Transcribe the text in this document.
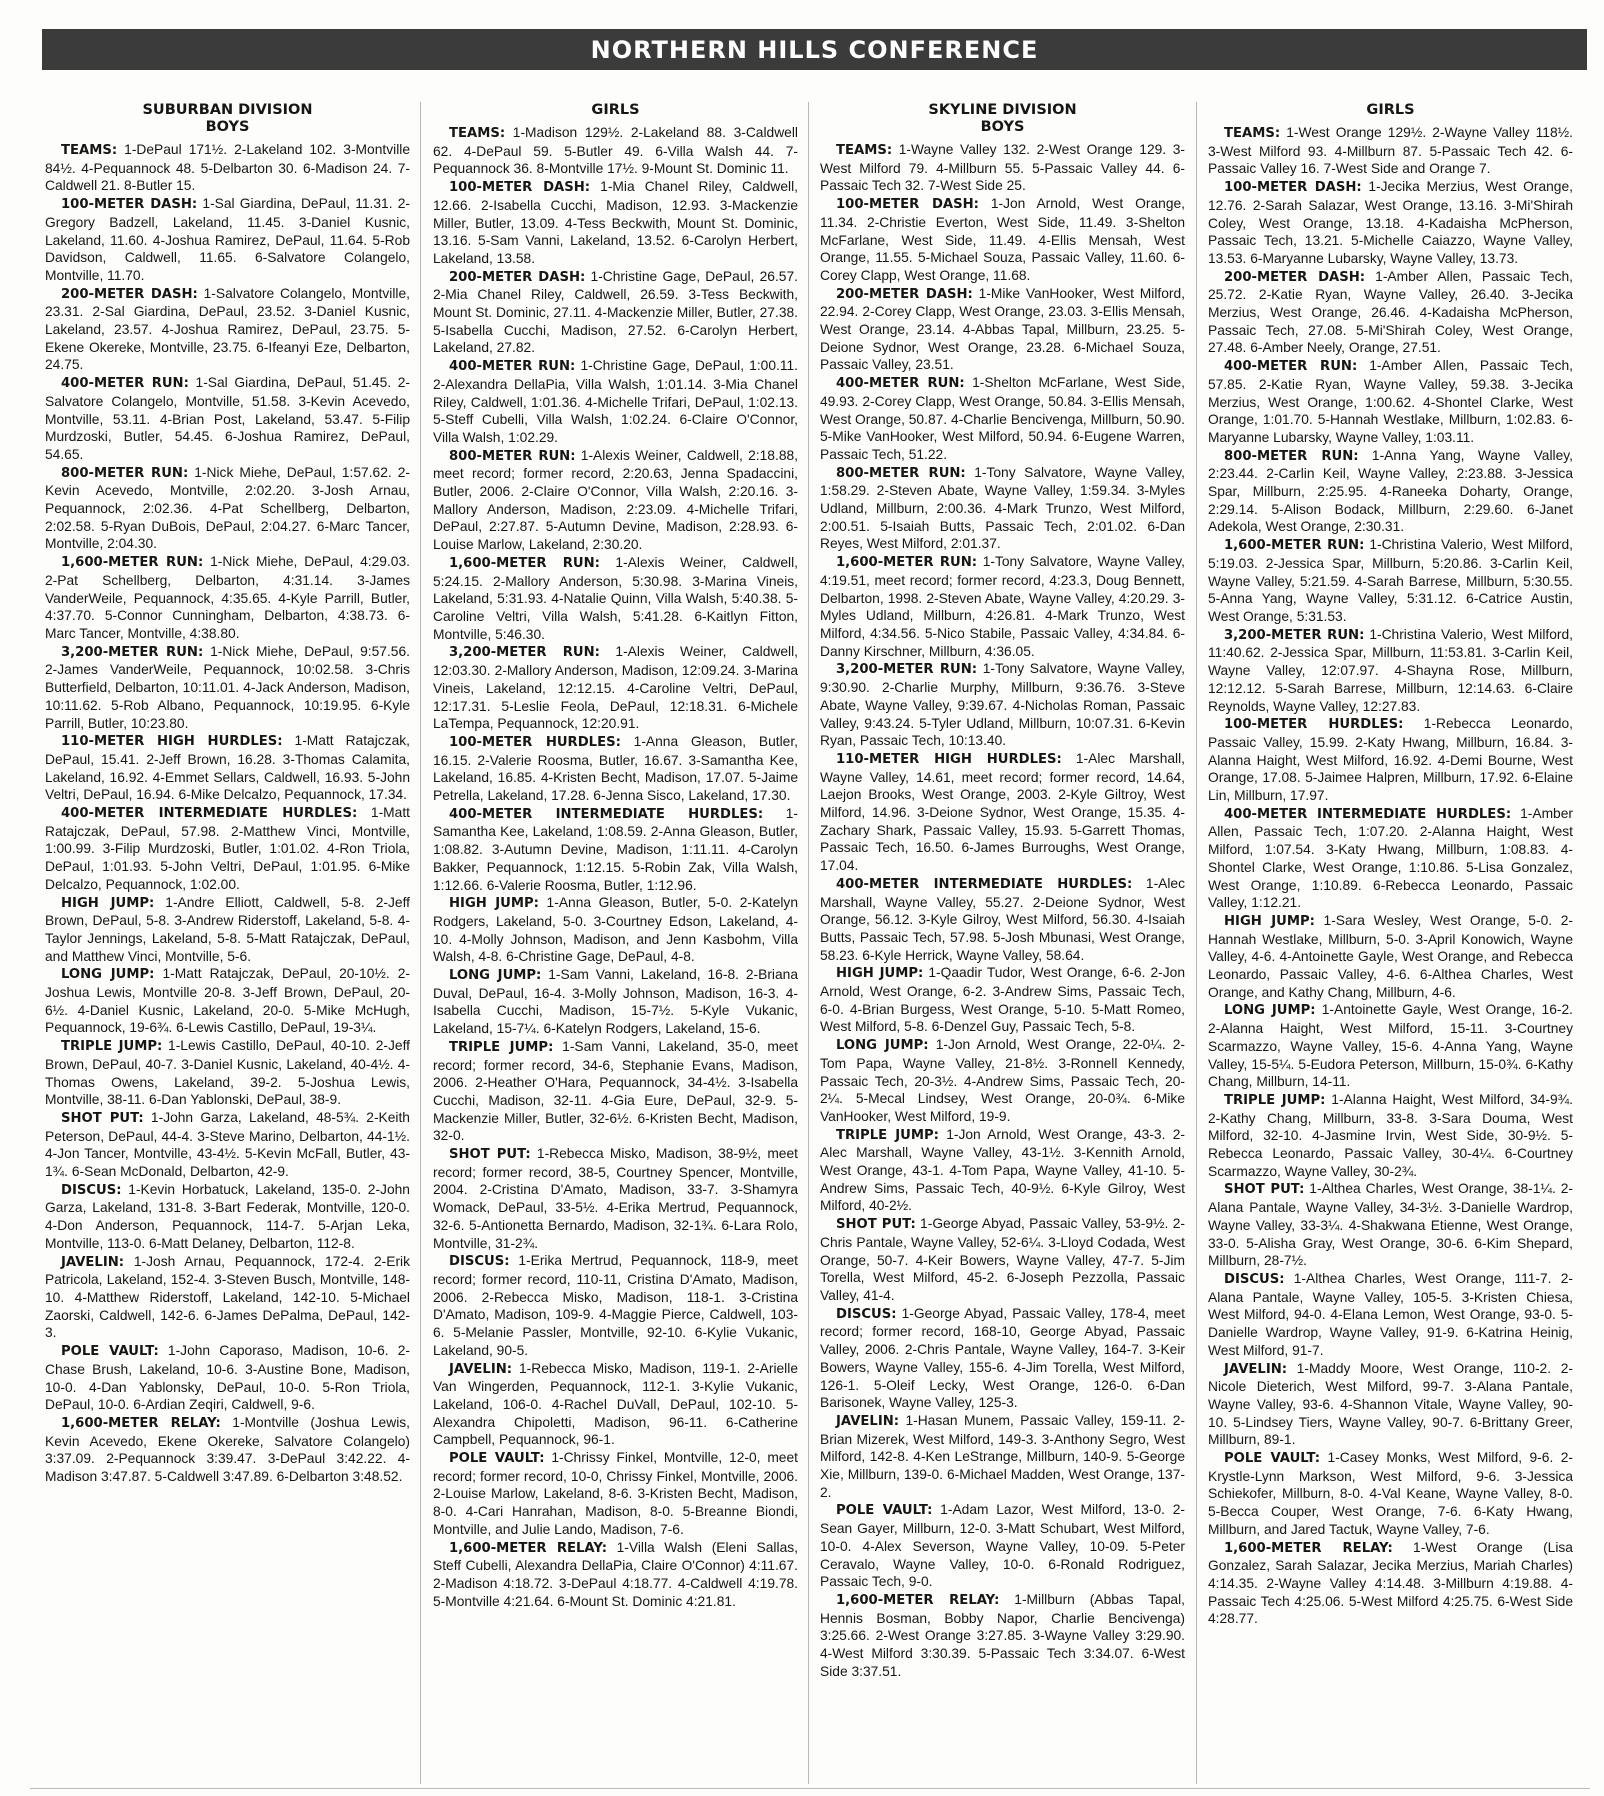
NORTHERN HILLS CONFERENCE
SUBURBAN DIVISION
BOYS

TEAMS: 1-DePaul 171½. 2-Lakeland 102. 3-Montville 84½. 4-Pequannock 48. 5-Delbarton 30. 6-Madison 24. 7-Caldwell 21. 8-Butler 15.

100-METER DASH: 1-Sal Giardina, DePaul, 11.31. 2-Gregory Badzell, Lakeland, 11.45. 3-Daniel Kusnic, Lakeland, 11.60. 4-Joshua Ramirez, DePaul, 11.64. 5-Rob Davidson, Caldwell, 11.65. 6-Salvatore Colangelo, Montville, 11.70.

200-METER DASH: 1-Salvatore Colangelo, Montville, 23.31. 2-Sal Giardina, DePaul, 23.52. 3-Daniel Kusnic, Lakeland, 23.57. 4-Joshua Ramirez, DePaul, 23.75. 5-Ekene Okereke, Montville, 23.75. 6-Ifeanyi Eze, Delbarton, 24.75.

400-METER RUN: 1-Sal Giardina, DePaul, 51.45. 2-Salvatore Colangelo, Montville, 51.58. 3-Kevin Acevedo, Montville, 53.11. 4-Brian Post, Lakeland, 53.47. 5-Filip Murdzoski, Butler, 54.45. 6-Joshua Ramirez, DePaul, 54.65.

800-METER RUN: 1-Nick Miehe, DePaul, 1:57.62. 2-Kevin Acevedo, Montville, 2:02.20. 3-Josh Arnau, Pequannock, 2:02.36. 4-Pat Schellberg, Delbarton, 2:02.58. 5-Ryan DuBois, DePaul, 2:04.27. 6-Marc Tancer, Montville, 2:04.30.

1,600-METER RUN: 1-Nick Miehe, DePaul, 4:29.03. 2-Pat Schellberg, Delbarton, 4:31.14. 3-James VanderWeile, Pequannock, 4:35.65. 4-Kyle Parrill, Butler, 4:37.70. 5-Connor Cunningham, Delbarton, 4:38.73. 6-Marc Tancer, Montville, 4:38.80.

3,200-METER RUN: 1-Nick Miehe, DePaul, 9:57.56. 2-James VanderWeile, Pequannock, 10:02.58. 3-Chris Butterfield, Delbarton, 10:11.01. 4-Jack Anderson, Madison, 10:11.62. 5-Rob Albano, Pequannock, 10:19.95. 6-Kyle Parrill, Butler, 10:23.80.

110-METER HIGH HURDLES: 1-Matt Ratajczak, DePaul, 15.41. 2-Jeff Brown, 16.28. 3-Thomas Calamita, Lakeland, 16.92. 4-Emmet Sellars, Caldwell, 16.93. 5-John Veltri, DePaul, 16.94. 6-Mike Delcalzo, Pequannock, 17.34.

400-METER INTERMEDIATE HURDLES: 1-Matt Ratajczak, DePaul, 57.98. 2-Matthew Vinci, Montville, 1:00.99. 3-Filip Murdzoski, Butler, 1:01.02. 4-Ron Triola, DePaul, 1:01.93. 5-John Veltri, DePaul, 1:01.95. 6-Mike Delcalzo, Pequannock, 1:02.00.

HIGH JUMP: 1-Andre Elliott, Caldwell, 5-8. 2-Jeff Brown, DePaul, 5-8. 3-Andrew Riderstoff, Lakeland, 5-8. 4-Taylor Jennings, Lakeland, 5-8. 5-Matt Ratajczak, DePaul, and Matthew Vinci, Montville, 5-6.

LONG JUMP: 1-Matt Ratajczak, DePaul, 20-10½. 2-Joshua Lewis, Montville 20-8. 3-Jeff Brown, DePaul, 20-6½. 4-Daniel Kusnic, Lakeland, 20-0. 5-Mike McHugh, Pequannock, 19-6¾. 6-Lewis Castillo, DePaul, 19-3¼.

TRIPLE JUMP: 1-Lewis Castillo, DePaul, 40-10. 2-Jeff Brown, DePaul, 40-7. 3-Daniel Kusnic, Lakeland, 40-4½. 4-Thomas Owens, Lakeland, 39-2. 5-Joshua Lewis, Montville, 38-11. 6-Dan Yablonski, DePaul, 38-9.

SHOT PUT: 1-John Garza, Lakeland, 48-5¾. 2-Keith Peterson, DePaul, 44-4. 3-Steve Marino, Delbarton, 44-1½. 4-Jon Tancer, Montville, 43-4½. 5-Kevin McFall, Butler, 43-1¾. 6-Sean McDonald, Delbarton, 42-9.

DISCUS: 1-Kevin Horbatuck, Lakeland, 135-0. 2-John Garza, Lakeland, 131-8. 3-Bart Federak, Montville, 120-0. 4-Don Anderson, Pequannock, 114-7. 5-Arjan Leka, Montville, 113-0. 6-Matt Delaney, Delbarton, 112-8.

JAVELIN: 1-Josh Arnau, Pequannock, 172-4. 2-Erik Patricola, Lakeland, 152-4. 3-Steven Busch, Montville, 148-10. 4-Matthew Riderstoff, Lakeland, 142-10. 5-Michael Zaorski, Caldwell, 142-6. 6-James DePalma, DePaul, 142-3.

POLE VAULT: 1-John Caporaso, Madison, 10-6. 2-Chase Brush, Lakeland, 10-6. 3-Austine Bone, Madison, 10-0. 4-Dan Yablonsky, DePaul, 10-0. 5-Ron Triola, DePaul, 10-0. 6-Ardian Zeqiri, Caldwell, 9-6.

1,600-METER RELAY: 1-Montville (Joshua Lewis, Kevin Acevedo, Ekene Okereke, Salvatore Colangelo) 3:37.09. 2-Pequannock 3:39.47. 3-DePaul 3:42.22. 4-Madison 3:47.87. 5-Caldwell 3:47.89. 6-Delbarton 3:48.52.

GIRLS

TEAMS: 1-Madison 129½. 2-Lakeland 88. 3-Caldwell 62. 4-DePaul 59. 5-Butler 49. 6-Villa Walsh 44. 7-Pequannock 36. 8-Montville 17½. 9-Mount St. Dominic 11.

100-METER DASH: 1-Mia Chanel Riley, Caldwell, 12.66. 2-Isabella Cucchi, Madison, 12.93. 3-Mackenzie Miller, Butler, 13.09. 4-Tess Beckwith, Mount St. Dominic, 13.16. 5-Sam Vanni, Lakeland, 13.52. 6-Carolyn Herbert, Lakeland, 13.58.

200-METER DASH: 1-Christine Gage, DePaul, 26.57. 2-Mia Chanel Riley, Caldwell, 26.59. 3-Tess Beckwith, Mount St. Dominic, 27.11. 4-Mackenzie Miller, Butler, 27.38. 5-Isabella Cucchi, Madison, 27.52. 6-Carolyn Herbert, Lakeland, 27.82.

400-METER RUN: 1-Christine Gage, DePaul, 1:00.11. 2-Alexandra DellaPia, Villa Walsh, 1:01.14. 3-Mia Chanel Riley, Caldwell, 1:01.36. 4-Michelle Trifari, DePaul, 1:02.13. 5-Steff Cubelli, Villa Walsh, 1:02.24. 6-Claire O'Connor, Villa Walsh, 1:02.29.

800-METER RUN: 1-Alexis Weiner, Caldwell, 2:18.88, meet record; former record, 2:20.63, Jenna Spadaccini, Butler, 2006. 2-Claire O'Connor, Villa Walsh, 2:20.16. 3-Mallory Anderson, Madison, 2:23.09. 4-Michelle Trifari, DePaul, 2:27.87. 5-Autumn Devine, Madison, 2:28.93. 6-Louise Marlow, Lakeland, 2:30.20.

1,600-METER RUN: 1-Alexis Weiner, Caldwell, 5:24.15. 2-Mallory Anderson, 5:30.98. 3-Marina Vineis, Lakeland, 5:31.93. 4-Natalie Quinn, Villa Walsh, 5:40.38. 5-Caroline Veltri, Villa Walsh, 5:41.28. 6-Kaitlyn Fitton, Montville, 5:46.30.

3,200-METER RUN: 1-Alexis Weiner, Caldwell, 12:03.30. 2-Mallory Anderson, Madison, 12:09.24. 3-Marina Vineis, Lakeland, 12:12.15. 4-Caroline Veltri, DePaul, 12:17.31. 5-Leslie Feola, DePaul, 12:18.31. 6-Michele LaTempa, Pequannock, 12:20.91.

100-METER HURDLES: 1-Anna Gleason, Butler, 16.15. 2-Valerie Roosma, Butler, 16.67. 3-Samantha Kee, Lakeland, 16.85. 4-Kristen Becht, Madison, 17.07. 5-Jaime Petrella, Lakeland, 17.28. 6-Jenna Sisco, Lakeland, 17.30.

400-METER INTERMEDIATE HURDLES: 1-Samantha Kee, Lakeland, 1:08.59. 2-Anna Gleason, Butler, 1:08.82. 3-Autumn Devine, Madison, 1:11.11. 4-Carolyn Bakker, Pequannock, 1:12.15. 5-Robin Zak, Villa Walsh, 1:12.66. 6-Valerie Roosma, Butler, 1:12.96.

HIGH JUMP: 1-Anna Gleason, Butler, 5-0. 2-Katelyn Rodgers, Lakeland, 5-0. 3-Courtney Edson, Lakeland, 4-10. 4-Molly Johnson, Madison, and Jenn Kasbohm, Villa Walsh, 4-8. 6-Christine Gage, DePaul, 4-8.

LONG JUMP: 1-Sam Vanni, Lakeland, 16-8. 2-Briana Duval, DePaul, 16-4. 3-Molly Johnson, Madison, 16-3. 4-Isabella Cucchi, Madison, 15-7½. 5-Kyle Vukanic, Lakeland, 15-7¼. 6-Katelyn Rodgers, Lakeland, 15-6.

TRIPLE JUMP: 1-Sam Vanni, Lakeland, 35-0, meet record; former record, 34-6, Stephanie Evans, Madison, 2006. 2-Heather O'Hara, Pequannock, 34-4½. 3-Isabella Cucchi, Madison, 32-11. 4-Gia Eure, DePaul, 32-9. 5-Mackenzie Miller, Butler, 32-6½. 6-Kristen Becht, Madison, 32-0.

SHOT PUT: 1-Rebecca Misko, Madison, 38-9½, meet record; former record, 38-5, Courtney Spencer, Montville, 2004. 2-Cristina D'Amato, Madison, 33-7. 3-Shamyra Womack, DePaul, 33-5½. 4-Erika Mertrud, Pequannock, 32-6. 5-Antionetta Bernardo, Madison, 32-1¾. 6-Lara Rolo, Montville, 31-2¾.

DISCUS: 1-Erika Mertrud, Pequannock, 118-9, meet record; former record, 110-11, Cristina D'Amato, Madison, 2006. 2-Rebecca Misko, Madison, 118-1. 3-Cristina D'Amato, Madison, 109-9. 4-Maggie Pierce, Caldwell, 103-6. 5-Melanie Passler, Montville, 92-10. 6-Kylie Vukanic, Lakeland, 90-5.

JAVELIN: 1-Rebecca Misko, Madison, 119-1. 2-Arielle Van Wingerden, Pequannock, 112-1. 3-Kylie Vukanic, Lakeland, 106-0. 4-Rachel DuVall, DePaul, 102-10. 5-Alexandra Chipoletti, Madison, 96-11. 6-Catherine Campbell, Pequannock, 96-1.

POLE VAULT: 1-Chrissy Finkel, Montville, 12-0, meet record; former record, 10-0, Chrissy Finkel, Montville, 2006. 2-Louise Marlow, Lakeland, 8-6. 3-Kristen Becht, Madison, 8-0. 4-Cari Hanrahan, Madison, 8-0. 5-Breanne Biondi, Montville, and Julie Lando, Madison, 7-6.

1,600-METER RELAY: 1-Villa Walsh (Eleni Sallas, Steff Cubelli, Alexandra DellaPia, Claire O'Connor) 4:11.67. 2-Madison 4:18.72. 3-DePaul 4:18.77. 4-Caldwell 4:19.78. 5-Montville 4:21.64. 6-Mount St. Dominic 4:21.81.

SKYLINE DIVISION
BOYS

TEAMS: 1-Wayne Valley 132. 2-West Orange 129. 3-West Milford 79. 4-Millburn 55. 5-Passaic Valley 44. 6-Passaic Tech 32. 7-West Side 25.

100-METER DASH: 1-Jon Arnold, West Orange, 11.34. 2-Christie Everton, West Side, 11.49. 3-Shelton McFarlane, West Side, 11.49. 4-Ellis Mensah, West Orange, 11.55. 5-Michael Souza, Passaic Valley, 11.60. 6-Corey Clapp, West Orange, 11.68.

200-METER DASH: 1-Mike VanHooker, West Milford, 22.94. 2-Corey Clapp, West Orange, 23.03. 3-Ellis Mensah, West Orange, 23.14. 4-Abbas Tapal, Millburn, 23.25. 5-Deione Sydnor, West Orange, 23.28. 6-Michael Souza, Passaic Valley, 23.51.

400-METER RUN: 1-Shelton McFarlane, West Side, 49.93. 2-Corey Clapp, West Orange, 50.84. 3-Ellis Mensah, West Orange, 50.87. 4-Charlie Bencivenga, Millburn, 50.90. 5-Mike VanHooker, West Milford, 50.94. 6-Eugene Warren, Passaic Tech, 51.22.

800-METER RUN: 1-Tony Salvatore, Wayne Valley, 1:58.29. 2-Steven Abate, Wayne Valley, 1:59.34. 3-Myles Udland, Millburn, 2:00.36. 4-Mark Trunzo, West Milford, 2:00.51. 5-Isaiah Butts, Passaic Tech, 2:01.02. 6-Dan Reyes, West Milford, 2:01.37.

1,600-METER RUN: 1-Tony Salvatore, Wayne Valley, 4:19.51, meet record; former record, 4:23.3, Doug Bennett, Delbarton, 1998. 2-Steven Abate, Wayne Valley, 4:20.29. 3-Myles Udland, Millburn, 4:26.81. 4-Mark Trunzo, West Milford, 4:34.56. 5-Nico Stabile, Passaic Valley, 4:34.84. 6-Danny Kirschner, Millburn, 4:36.05.

3,200-METER RUN: 1-Tony Salvatore, Wayne Valley, 9:30.90. 2-Charlie Murphy, Millburn, 9:36.76. 3-Steve Abate, Wayne Valley, 9:39.67. 4-Nicholas Roman, Passaic Valley, 9:43.24. 5-Tyler Udland, Millburn, 10:07.31. 6-Kevin Ryan, Passaic Tech, 10:13.40.

110-METER HIGH HURDLES: 1-Alec Marshall, Wayne Valley, 14.61, meet record; former record, 14.64, Laejon Brooks, West Orange, 2003. 2-Kyle Giltroy, West Milford, 14.96. 3-Deione Sydnor, West Orange, 15.35. 4-Zachary Shark, Passaic Valley, 15.93. 5-Garrett Thomas, Passaic Tech, 16.50. 6-James Burroughs, West Orange, 17.04.

400-METER INTERMEDIATE HURDLES: 1-Alec Marshall, Wayne Valley, 55.27. 2-Deione Sydnor, West Orange, 56.12. 3-Kyle Gilroy, West Milford, 56.30. 4-Isaiah Butts, Passaic Tech, 57.98. 5-Josh Mbunasi, West Orange, 58.23. 6-Kyle Herrick, Wayne Valley, 58.64.

HIGH JUMP: 1-Qaadir Tudor, West Orange, 6-6. 2-Jon Arnold, West Orange, 6-2. 3-Andrew Sims, Passaic Tech, 6-0. 4-Brian Burgess, West Orange, 5-10. 5-Matt Romeo, West Milford, 5-8. 6-Denzel Guy, Passaic Tech, 5-8.

LONG JUMP: 1-Jon Arnold, West Orange, 22-0¼. 2-Tom Papa, Wayne Valley, 21-8½. 3-Ronnell Kennedy, Passaic Tech, 20-3½. 4-Andrew Sims, Passaic Tech, 20-2¼. 5-Mecal Lindsey, West Orange, 20-0¾. 6-Mike VanHooker, West Milford, 19-9.

TRIPLE JUMP: 1-Jon Arnold, West Orange, 43-3. 2-Alec Marshall, Wayne Valley, 43-1½. 3-Kennith Arnold, West Orange, 43-1. 4-Tom Papa, Wayne Valley, 41-10. 5-Andrew Sims, Passaic Tech, 40-9½. 6-Kyle Gilroy, West Milford, 40-2½.

SHOT PUT: 1-George Abyad, Passaic Valley, 53-9½. 2-Chris Pantale, Wayne Valley, 52-6¼. 3-Lloyd Codada, West Orange, 50-7. 4-Keir Bowers, Wayne Valley, 47-7. 5-Jim Torella, West Milford, 45-2. 6-Joseph Pezzolla, Passaic Valley, 41-4.

DISCUS: 1-George Abyad, Passaic Valley, 178-4, meet record; former record, 168-10, George Abyad, Passaic Valley, 2006. 2-Chris Pantale, Wayne Valley, 164-7. 3-Keir Bowers, Wayne Valley, 155-6. 4-Jim Torella, West Milford, 126-1. 5-Oleif Lecky, West Orange, 126-0. 6-Dan Barisonek, Wayne Valley, 125-3.

JAVELIN: 1-Hasan Munem, Passaic Valley, 159-11. 2-Brian Mizerek, West Milford, 149-3. 3-Anthony Segro, West Milford, 142-8. 4-Ken LeStrange, Millburn, 140-9. 5-George Xie, Millburn, 139-0. 6-Michael Madden, West Orange, 137-2.

POLE VAULT: 1-Adam Lazor, West Milford, 13-0. 2-Sean Gayer, Millburn, 12-0. 3-Matt Schubart, West Milford, 10-0. 4-Alex Severson, Wayne Valley, 10-09. 5-Peter Ceravalo, Wayne Valley, 10-0. 6-Ronald Rodriguez, Passaic Tech, 9-0.

1,600-METER RELAY: 1-Millburn (Abbas Tapal, Hennis Bosman, Bobby Napor, Charlie Bencivenga) 3:25.66. 2-West Orange 3:27.85. 3-Wayne Valley 3:29.90. 4-West Milford 3:30.39. 5-Passaic Tech 3:34.07. 6-West Side 3:37.51.

GIRLS

TEAMS: 1-West Orange 129½. 2-Wayne Valley 118½. 3-West Milford 93. 4-Millburn 87. 5-Passaic Tech 42. 6-Passaic Valley 16. 7-West Side and Orange 7.

100-METER DASH: 1-Jecika Merzius, West Orange, 12.76. 2-Sarah Salazar, West Orange, 13.16. 3-Mi'Shirah Coley, West Orange, 13.18. 4-Kadaisha McPherson, Passaic Tech, 13.21. 5-Michelle Caiazzo, Wayne Valley, 13.53. 6-Maryanne Lubarsky, Wayne Valley, 13.73.

200-METER DASH: 1-Amber Allen, Passaic Tech, 25.72. 2-Katie Ryan, Wayne Valley, 26.40. 3-Jecika Merzius, West Orange, 26.46. 4-Kadaisha McPherson, Passaic Tech, 27.08. 5-Mi'Shirah Coley, West Orange, 27.48. 6-Amber Neely, Orange, 27.51.

400-METER RUN: 1-Amber Allen, Passaic Tech, 57.85. 2-Katie Ryan, Wayne Valley, 59.38. 3-Jecika Merzius, West Orange, 1:00.62. 4-Shontel Clarke, West Orange, 1:01.70. 5-Hannah Westlake, Millburn, 1:02.83. 6-Maryanne Lubarsky, Wayne Valley, 1:03.11.

800-METER RUN: 1-Anna Yang, Wayne Valley, 2:23.44. 2-Carlin Keil, Wayne Valley, 2:23.88. 3-Jessica Spar, Millburn, 2:25.95. 4-Raneeka Doharty, Orange, 2:29.14. 5-Alison Bodack, Millburn, 2:29.60. 6-Janet Adekola, West Orange, 2:30.31.

1,600-METER RUN: 1-Christina Valerio, West Milford, 5:19.03. 2-Jessica Spar, Millburn, 5:20.86. 3-Carlin Keil, Wayne Valley, 5:21.59. 4-Sarah Barrese, Millburn, 5:30.55. 5-Anna Yang, Wayne Valley, 5:31.12. 6-Catrice Austin, West Orange, 5:31.53.

3,200-METER RUN: 1-Christina Valerio, West Milford, 11:40.62. 2-Jessica Spar, Millburn, 11:53.81. 3-Carlin Keil, Wayne Valley, 12:07.97. 4-Shayna Rose, Millburn, 12:12.12. 5-Sarah Barrese, Millburn, 12:14.63. 6-Claire Reynolds, Wayne Valley, 12:27.83.

100-METER HURDLES: 1-Rebecca Leonardo, Passaic Valley, 15.99. 2-Katy Hwang, Millburn, 16.84. 3-Alanna Haight, West Milford, 16.92. 4-Demi Bourne, West Orange, 17.08. 5-Jaimee Halpren, Millburn, 17.92. 6-Elaine Lin, Millburn, 17.97.

400-METER INTERMEDIATE HURDLES: 1-Amber Allen, Passaic Tech, 1:07.20. 2-Alanna Haight, West Milford, 1:07.54. 3-Katy Hwang, Millburn, 1:08.83. 4-Shontel Clarke, West Orange, 1:10.86. 5-Lisa Gonzalez, West Orange, 1:10.89. 6-Rebecca Leonardo, Passaic Valley, 1:12.21.

HIGH JUMP: 1-Sara Wesley, West Orange, 5-0. 2-Hannah Westlake, Millburn, 5-0. 3-April Konowich, Wayne Valley, 4-6. 4-Antoinette Gayle, West Orange, and Rebecca Leonardo, Passaic Valley, 4-6. 6-Althea Charles, West Orange, and Kathy Chang, Millburn, 4-6.

LONG JUMP: 1-Antoinette Gayle, West Orange, 16-2. 2-Alanna Haight, West Milford, 15-11. 3-Courtney Scarmazzo, Wayne Valley, 15-6. 4-Anna Yang, Wayne Valley, 15-5¼. 5-Eudora Peterson, Millburn, 15-0¾. 6-Kathy Chang, Millburn, 14-11.

TRIPLE JUMP: 1-Alanna Haight, West Milford, 34-9¾. 2-Kathy Chang, Millburn, 33-8. 3-Sara Douma, West Milford, 32-10. 4-Jasmine Irvin, West Side, 30-9½. 5-Rebecca Leonardo, Passaic Valley, 30-4¼. 6-Courtney Scarmazzo, Wayne Valley, 30-2¾.

SHOT PUT: 1-Althea Charles, West Orange, 38-1¼. 2-Alana Pantale, Wayne Valley, 34-3½. 3-Danielle Wardrop, Wayne Valley, 33-3¼. 4-Shakwana Etienne, West Orange, 33-0. 5-Alisha Gray, West Orange, 30-6. 6-Kim Shepard, Millburn, 28-7½.

DISCUS: 1-Althea Charles, West Orange, 111-7. 2-Alana Pantale, Wayne Valley, 105-5. 3-Kristen Chiesa, West Milford, 94-0. 4-Elana Lemon, West Orange, 93-0. 5-Danielle Wardrop, Wayne Valley, 91-9. 6-Katrina Heinig, West Milford, 91-7.

JAVELIN: 1-Maddy Moore, West Orange, 110-2. 2-Nicole Dieterich, West Milford, 99-7. 3-Alana Pantale, Wayne Valley, 93-6. 4-Shannon Vitale, Wayne Valley, 90-10. 5-Lindsey Tiers, Wayne Valley, 90-7. 6-Brittany Greer, Millburn, 89-1.

POLE VAULT: 1-Casey Monks, West Milford, 9-6. 2-Krystle-Lynn Markson, West Milford, 9-6. 3-Jessica Schiekofer, Millburn, 8-0. 4-Val Keane, Wayne Valley, 8-0. 5-Becca Couper, West Orange, 7-6. 6-Katy Hwang, Millburn, and Jared Tactuk, Wayne Valley, 7-6.

1,600-METER RELAY: 1-West Orange (Lisa Gonzalez, Sarah Salazar, Jecika Merzius, Mariah Charles) 4:14.35. 2-Wayne Valley 4:14.48. 3-Millburn 4:19.88. 4-Passaic Tech 4:25.06. 5-West Milford 4:25.75. 6-West Side 4:28.77.
